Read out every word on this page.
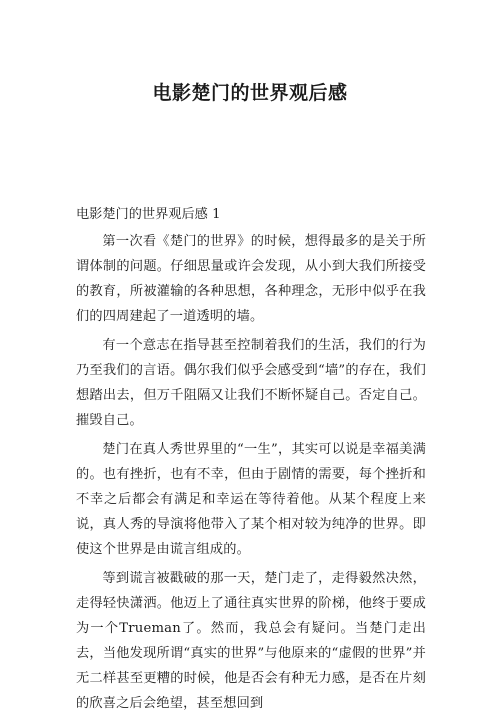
电影楚门的世界观后感

电影楚门的世界观后感 1

第一次看《楚门的世界》的时候，想得最多的是关于所谓体制的问题。仔细思量或许会发现，从小到大我们所接受的教育，所被灌输的各种思想，各种理念，无形中似乎在我们的四周建起了一道透明的墙。

有一个意志在指导甚至控制着我们的生活，我们的行为乃至我们的言语。偶尔我们似乎会感受到“墙”的存在，我们想踏出去，但万千阻隔又让我们不断怀疑自己。否定自己。摧毁自己。

楚门在真人秀世界里的“一生”，其实可以说是幸福美满的。也有挫折，也有不幸，但由于剧情的需要，每个挫折和不幸之后都会有满足和幸运在等待着他。从某个程度上来说，真人秀的导演将他带入了某个相对较为纯净的世界。即使这个世界是由谎言组成的。

等到谎言被戳破的那一天，楚门走了，走得毅然决然，走得轻快潇洒。他迈上了通往真实世界的阶梯，他终于要成为一个Trueman了。然而，我总会有疑问。当楚门走出去，当他发现所谓“真实的世界”与他原来的“虚假的世界”并无二样甚至更糟的时候，他是否会有种无力感，是否在片刻的欣喜之后会绝望，甚至想回到
